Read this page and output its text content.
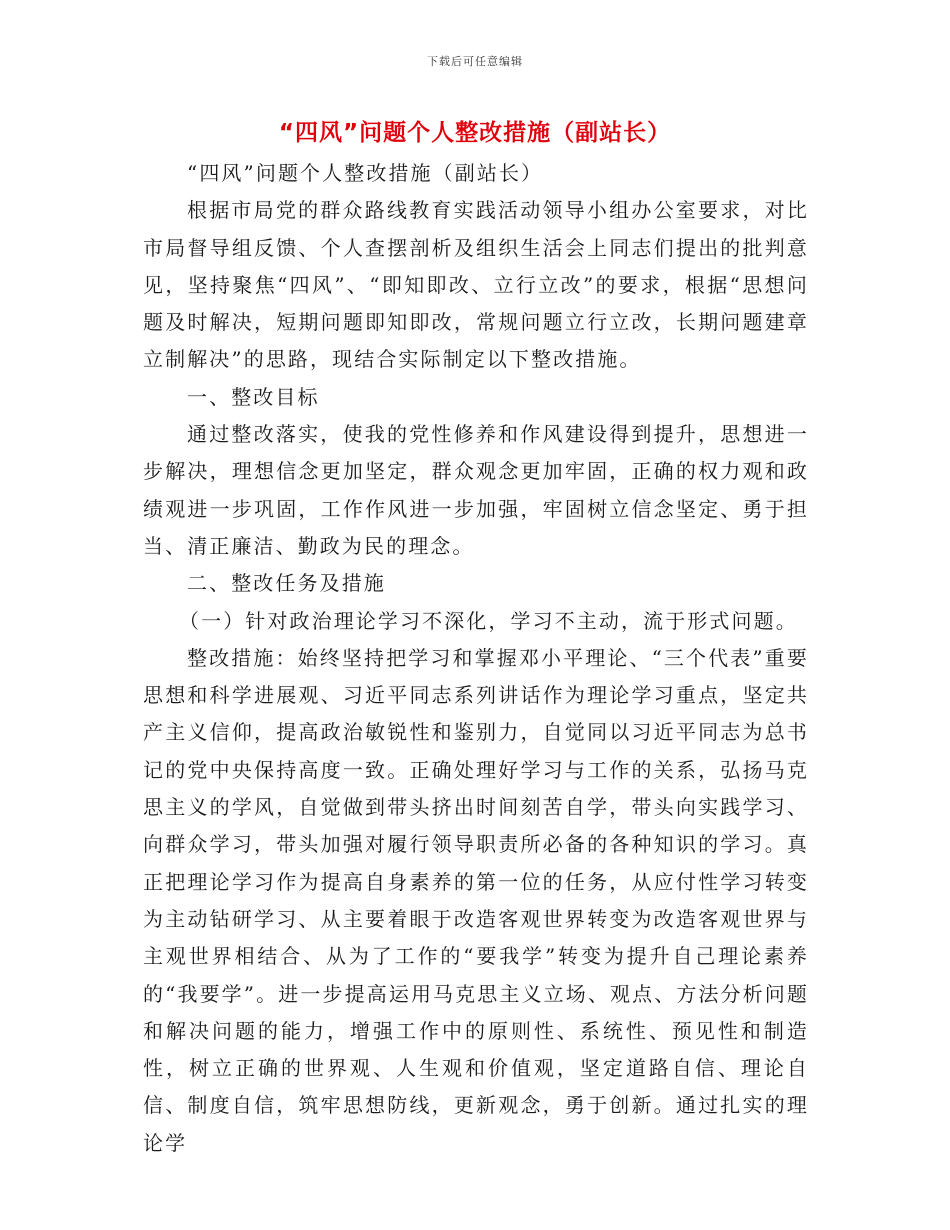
下载后可任意编辑
“四风”问题个人整改措施（副站长）

“四风”问题个人整改措施（副站长）

根据市局党的群众路线教育实践活动领导小组办公室要求，对比市局督导组反馈、个人查摆剖析及组织生活会上同志们提出的批判意见，坚持聚焦“四风”、“即知即改、立行立改”的要求，根据“思想问题及时解决，短期问题即知即改，常规问题立行立改，长期问题建章立制解决”的思路，现结合实际制定以下整改措施。

一、整改目标

通过整改落实，使我的党性修养和作风建设得到提升，思想进一步解决，理想信念更加坚定，群众观念更加牢固，正确的权力观和政绩观进一步巩固，工作作风进一步加强，牢固树立信念坚定、勇于担当、清正廉洁、勤政为民的理念。

二、整改任务及措施

（一）针对政治理论学习不深化，学习不主动，流于形式问题。

整改措施：始终坚持把学习和掌握邓小平理论、“三个代表”重要思想和科学进展观、习近平同志系列讲话作为理论学习重点，坚定共产主义信仰，提高政治敏锐性和鉴别力，自觉同以习近平同志为总书记的党中央保持高度一致。正确处理好学习与工作的关系，弘扬马克思主义的学风，自觉做到带头挤出时间刻苦自学，带头向实践学习、向群众学习，带头加强对履行领导职责所必备的各种知识的学习。真正把理论学习作为提高自身素养的第一位的任务，从应付性学习转变为主动钻研学习、从主要着眼于改造客观世界转变为改造客观世界与主观世界相结合、从为了工作的“要我学”转变为提升自己理论素养的“我要学”。进一步提高运用马克思主义立场、观点、方法分析问题和解决问题的能力，增强工作中的原则性、系统性、预见性和制造性，树立正确的世界观、人生观和价值观，坚定道路自信、理论自信、制度自信，筑牢思想防线，更新观念，勇于创新。通过扎实的理论学
